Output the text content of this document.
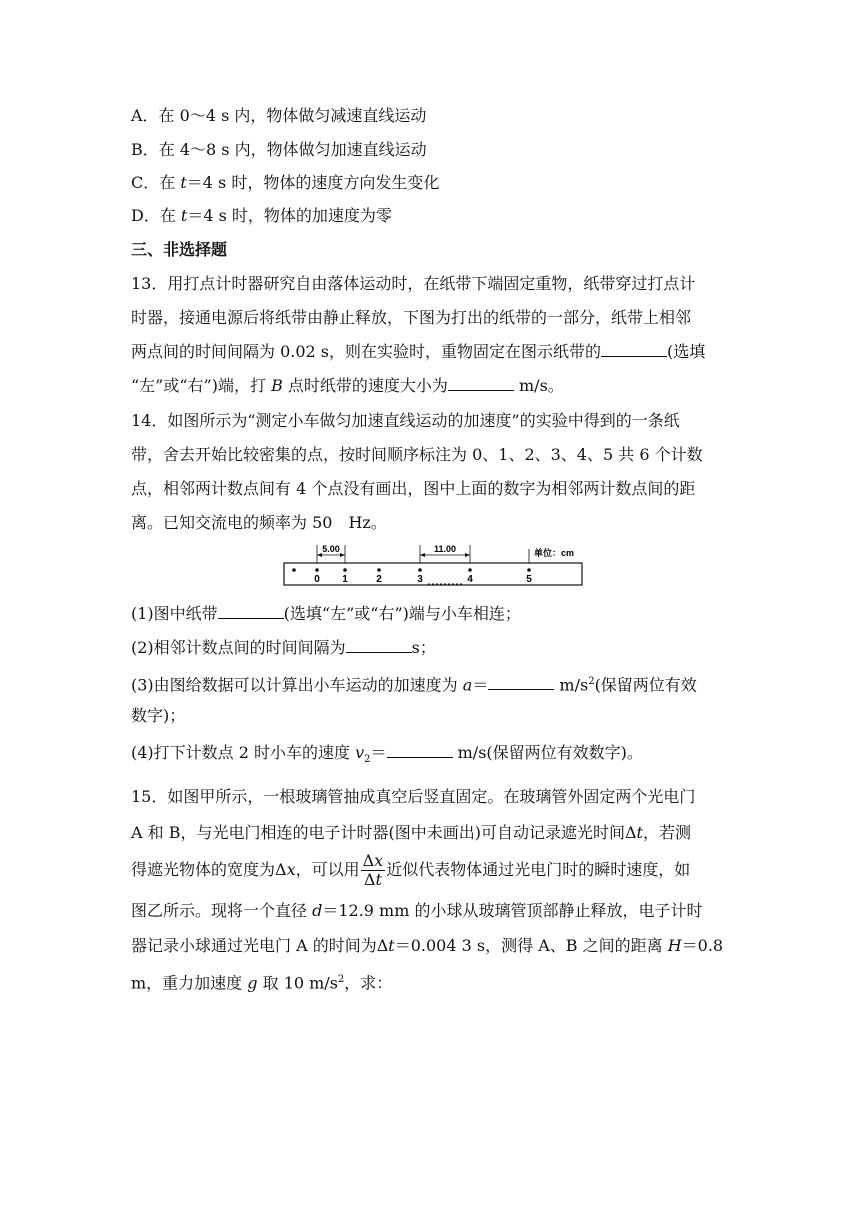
A．在 0～4 s 内，物体做匀减速直线运动
B．在 4～8 s 内，物体做匀加速直线运动
C．在 t＝4 s 时，物体的速度方向发生变化
D．在 t＝4 s 时，物体的加速度为零
三、非选择题
13．用打点计时器研究自由落体运动时，在纸带下端固定重物，纸带穿过打点计
时器，接通电源后将纸带由静止释放，下图为打出的纸带的一部分，纸带上相邻
两点间的时间间隔为 0.02 s，则在实验时，重物固定在图示纸带的	(选填
“左”或“右”)端，打 B 点时纸带的速度大小为	m/s。
14．如图所示为“测定小车做匀加速直线运动的加速度”的实验中得到的一条纸
带，舍去开始比较密集的点，按时间顺序标注为 0、1、2、3、4、5 共 6 个计数
点，相邻两计数点间有 4 个点没有画出，图中上面的数字为相邻两计数点间的距
离。已知交流电的频率为 50　Hz。
5.00	11.00	单位：cm
0 1	2	3	4	5
(1)图中纸带	(选填“左”或“右”)端与小车相连；
(2)相邻计数点间的时间间隔为	s；
(3)由图给数据可以计算出小车运动的加速度为 a＝	$m/s^2$(保留两位有效
数字)；
(4)打下计数点 2 时小车的速度 $v_2=$	m/s(保留两位有效数字)。
15．如图甲所示，一根玻璃管抽成真空后竖直固定。在玻璃管外固定两个光电门
A 和 B，与光电门相连的电子计时器(图中未画出)可自动记录遮光时间Δt，若测
得遮光物体的宽度为Δx，可以用 $\frac{\Delta x}{\Delta t}$ 近似代表物体通过光电门时的瞬时速度，如
图乙所示。现将一个直径 d＝12.9 mm 的小球从玻璃管顶部静止释放，电子计时
器记录小球通过光电门 A 的时间为Δt＝0.004 3 s，测得 A、B 之间的距离 H＝0.8
m，重力加速度 g 取 10 $m/s^2$，求：
